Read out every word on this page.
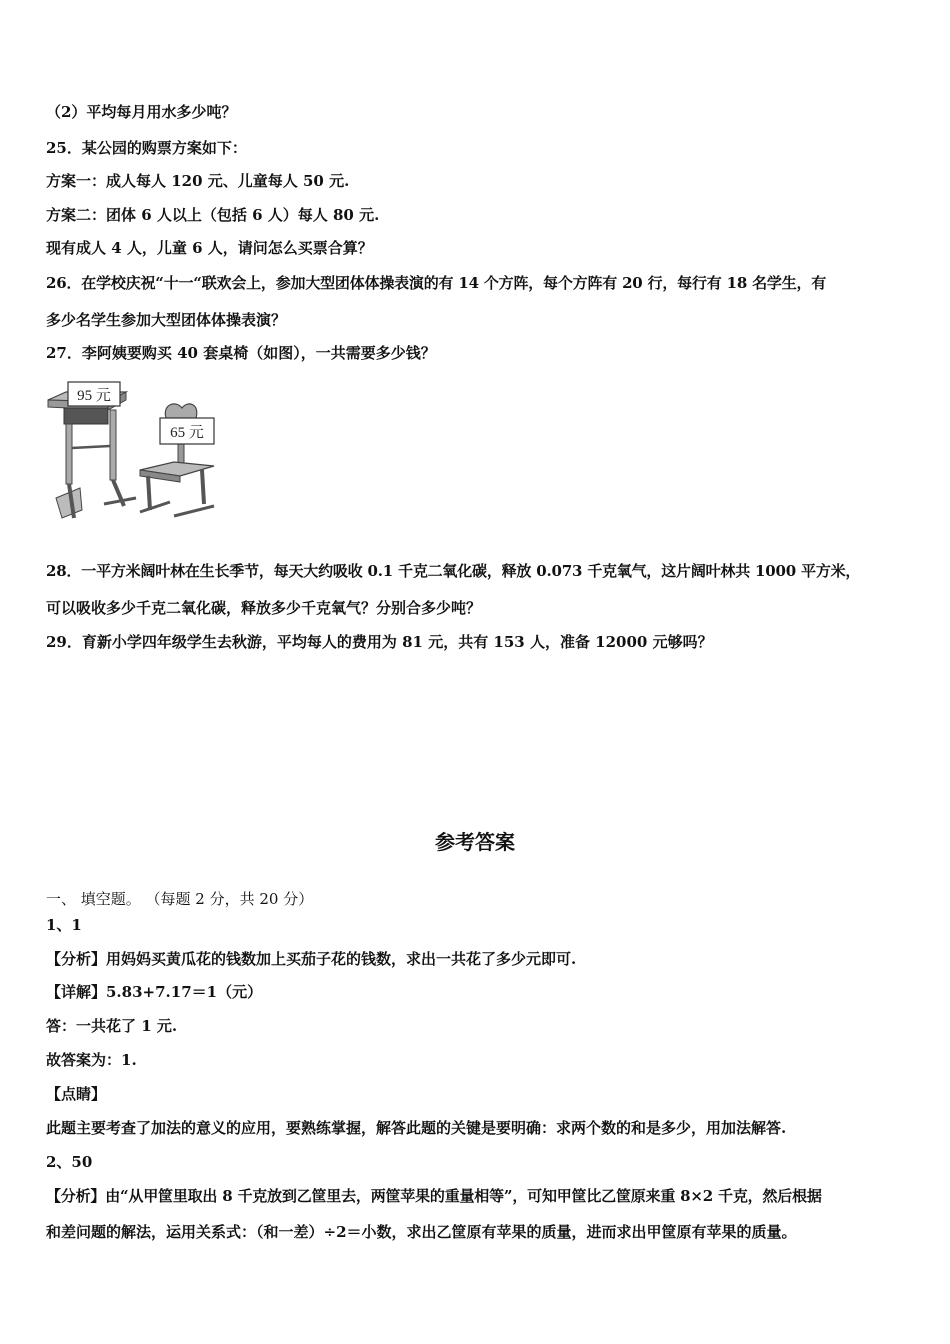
（2）平均每月用水多少吨？
25．某公园的购票方案如下：
方案一：成人每人 120 元、儿童每人 50 元.
方案二：团体 6 人以上（包括 6 人）每人 80 元.
现有成人 4 人，儿童 6 人，请问怎么买票合算？
26．在学校庆祝“十一“联欢会上，参加大型团体体操表演的有 14 个方阵，每个方阵有 20 行，每行有 18 名学生，有
多少名学生参加大型团体体操表演？
27．李阿姨要购买 40 套桌椅（如图），一共需要多少钱？
95 元
65 元
28．一平方米阔叶林在生长季节，每天大约吸收 0.1 千克二氧化碳，释放 0.073 千克氧气，这片阔叶林共 1000 平方米，
可以吸收多少千克二氧化碳，释放多少千克氧气？分别合多少吨？
29．育新小学四年级学生去秋游，平均每人的费用为 81 元，共有 153 人，准备 12000 元够吗？
参考答案
一、 填空题。 （每题 2 分，共 20 分）
1、1
【分析】用妈妈买黄瓜花的钱数加上买茄子花的钱数，求出一共花了多少元即可.
【详解】5.83+7.17＝1（元）
答：一共花了 1 元.
故答案为：1.
【点睛】
此题主要考查了加法的意义的应用，要熟练掌握，解答此题的关键是要明确：求两个数的和是多少，用加法解答.
2、50
【分析】由“从甲筐里取出 8 千克放到乙筐里去，两筐苹果的重量相等”，可知甲筐比乙筐原来重 8×2 千克，然后根据
和差问题的解法，运用关系式：（和一差）÷2＝小数，求出乙筐原有苹果的质量，进而求出甲筐原有苹果的质量。
